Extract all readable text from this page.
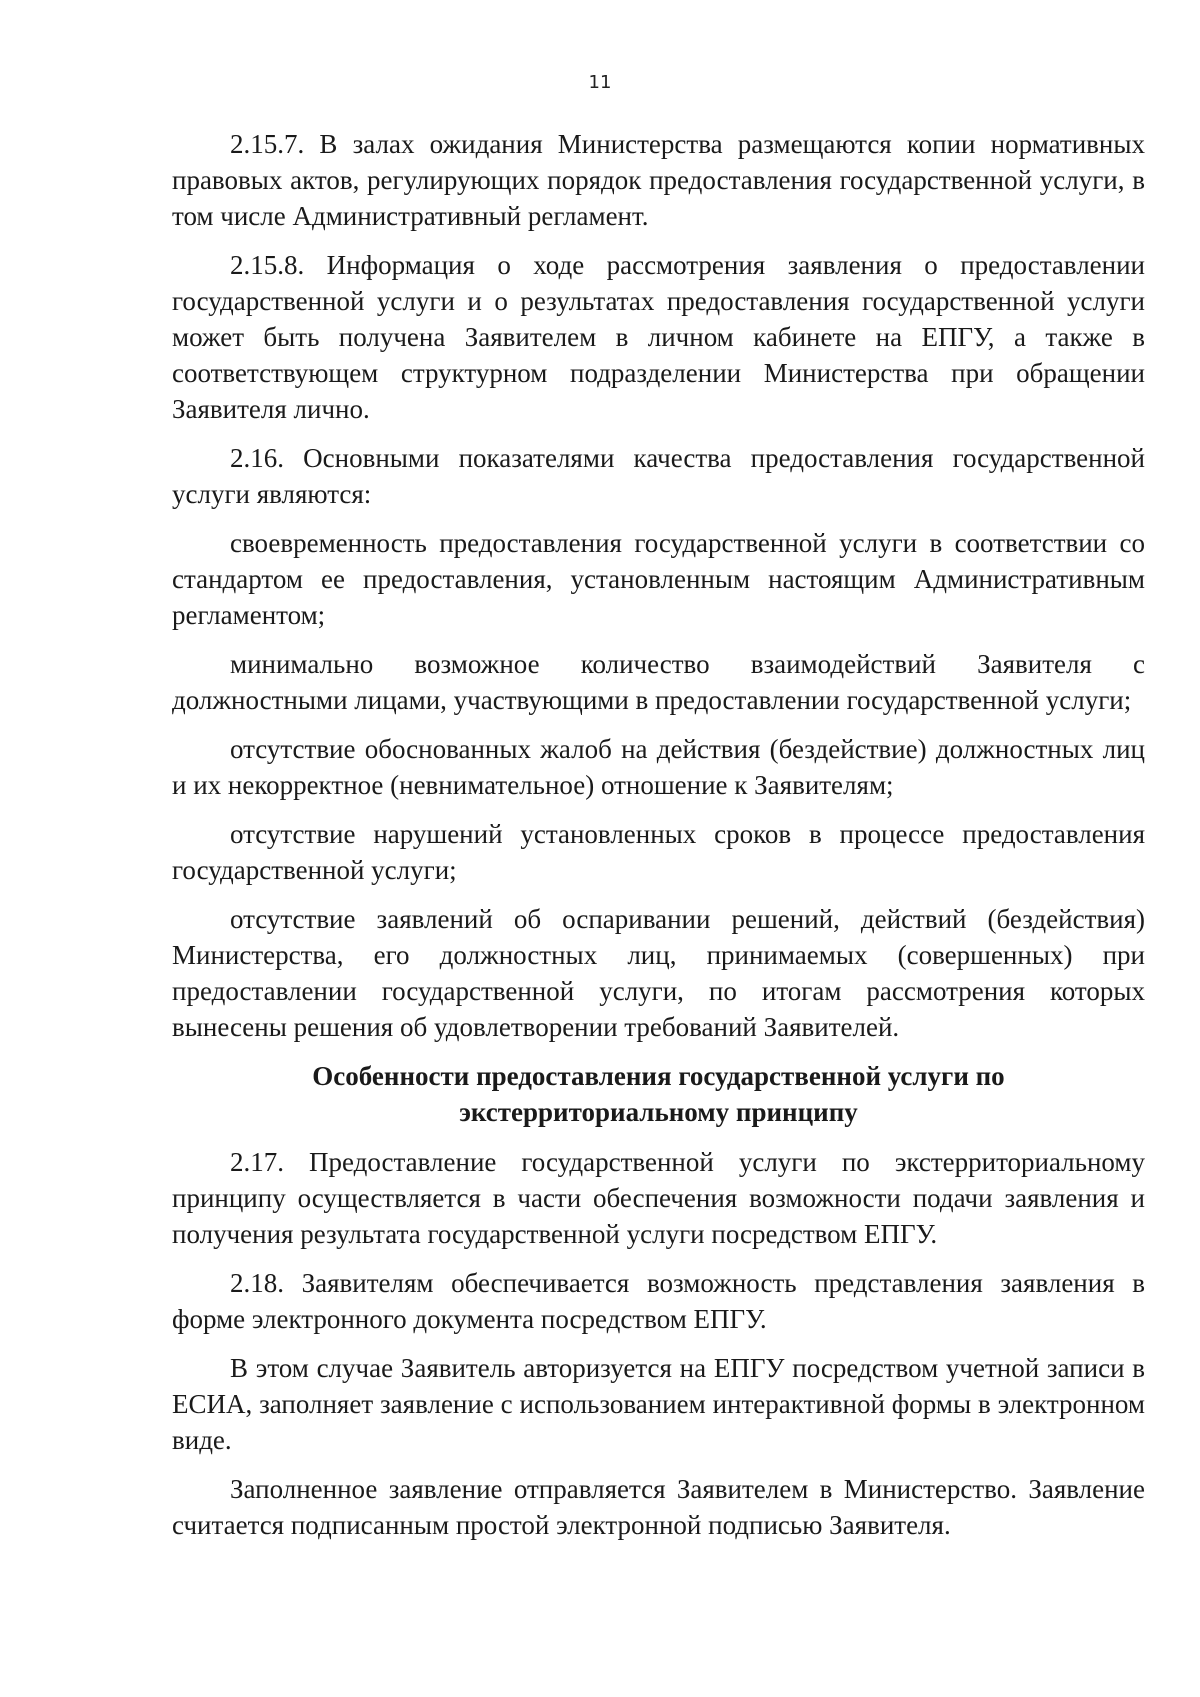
11

2.15.7. В залах ожидания Министерства размещаются копии нормативных правовых актов, регулирующих порядок предоставления государственной услуги, в том числе Административный регламент.

2.15.8. Информация о ходе рассмотрения заявления о предоставлении государственной услуги и о результатах предоставления государственной услуги может быть получена Заявителем в личном кабинете на ЕПГУ, а также в соответствующем структурном подразделении Министерства при обращении Заявителя лично.

2.16. Основными показателями качества предоставления государственной услуги являются:

своевременность предоставления государственной услуги в соответствии со стандартом ее предоставления, установленным настоящим Административным регламентом;

минимально возможное количество взаимодействий Заявителя с должностными лицами, участвующими в предоставлении государственной услуги;

отсутствие обоснованных жалоб на действия (бездействие) должностных лиц и их некорректное (невнимательное) отношение к Заявителям;

отсутствие нарушений установленных сроков в процессе предоставления государственной услуги;

отсутствие заявлений об оспаривании решений, действий (бездействия) Министерства, его должностных лиц, принимаемых (совершенных) при предоставлении государственной услуги, по итогам рассмотрения которых вынесены решения об удовлетворении требований Заявителей.

Особенности предоставления государственной услуги по
экстерриториальному принципу

2.17. Предоставление государственной услуги по экстерриториальному принципу осуществляется в части обеспечения возможности подачи заявления и получения результата государственной услуги посредством ЕПГУ.

2.18. Заявителям обеспечивается возможность представления заявления в форме электронного документа посредством ЕПГУ.

В этом случае Заявитель авторизуется на ЕПГУ посредством учетной записи в ЕСИА, заполняет заявление с использованием интерактивной формы в электронном виде.

Заполненное заявление отправляется Заявителем в Министерство. Заявление считается подписанным простой электронной подписью Заявителя.
